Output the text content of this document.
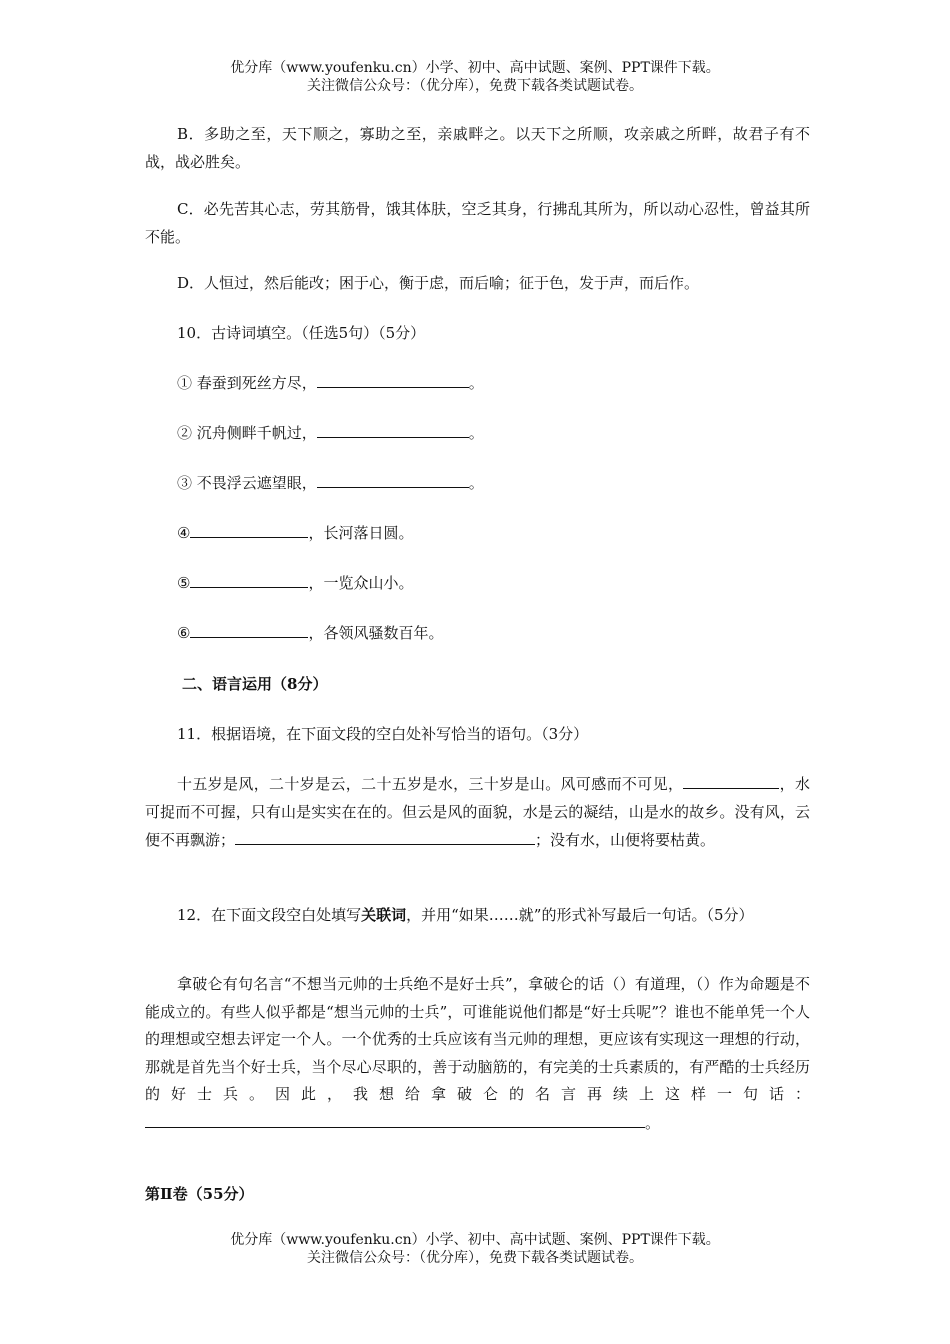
优分库（www.youfenku.cn）小学、初中、高中试题、案例、PPT课件下载。
关注微信公众号：（优分库），免费下载各类试题试卷。
B．多助之至，天下顺之，寡助之至，亲戚畔之。以天下之所顺，攻亲戚之所畔，故君子有不战，战必胜矣。
C．必先苦其心志，劳其筋骨，饿其体肤，空乏其身，行拂乱其所为，所以动心忍性，曾益其所不能。
D．人恒过，然后能改；困于心，衡于虑，而后喻；征于色，发于声，而后作。
10．古诗词填空。（任选5句）（5分）
① 春蚕到死丝方尽，	。
② 沉舟侧畔千帆过，	。
③ 不畏浮云遮望眼，	。
④	，长河落日圆。
⑤	，一览众山小。
⑥	，各领风骚数百年。
二、语言运用（8分）
11．根据语境，在下面文段的空白处补写恰当的语句。（3分）
十五岁是风，二十岁是云，二十五岁是水，三十岁是山。风可感而不可见，	，水可捉而不可握，只有山是实实在在的。但云是风的面貌，水是云的凝结，山是水的故乡。没有风，云便不再飘游；	；没有水，山便将要枯黄。
12．在下面文段空白处填写关联词，并用“如果……就”的形式补写最后一句话。（5分）
拿破仑有句名言“不想当元帅的士兵绝不是好士兵”，拿破仑的话（）有道理，（）作为命题是不能成立的。有些人似乎都是“想当元帅的士兵”，可谁能说他们都是“好士兵呢”？谁也不能单凭一个人的理想或空想去评定一个人。一个优秀的士兵应该有当元帅的理想，更应该有实现这一理想的行动，那就是首先当个好士兵，当个尽心尽职的，善于动脑筋的，有完美的士兵素质的，有严酷的士兵经历的好士兵。因此，我想给拿破仑的名言再续上这样一句话：。
第Ⅱ卷（55分）
优分库（www.youfenku.cn）小学、初中、高中试题、案例、PPT课件下载。
关注微信公众号：（优分库），免费下载各类试题试卷。
